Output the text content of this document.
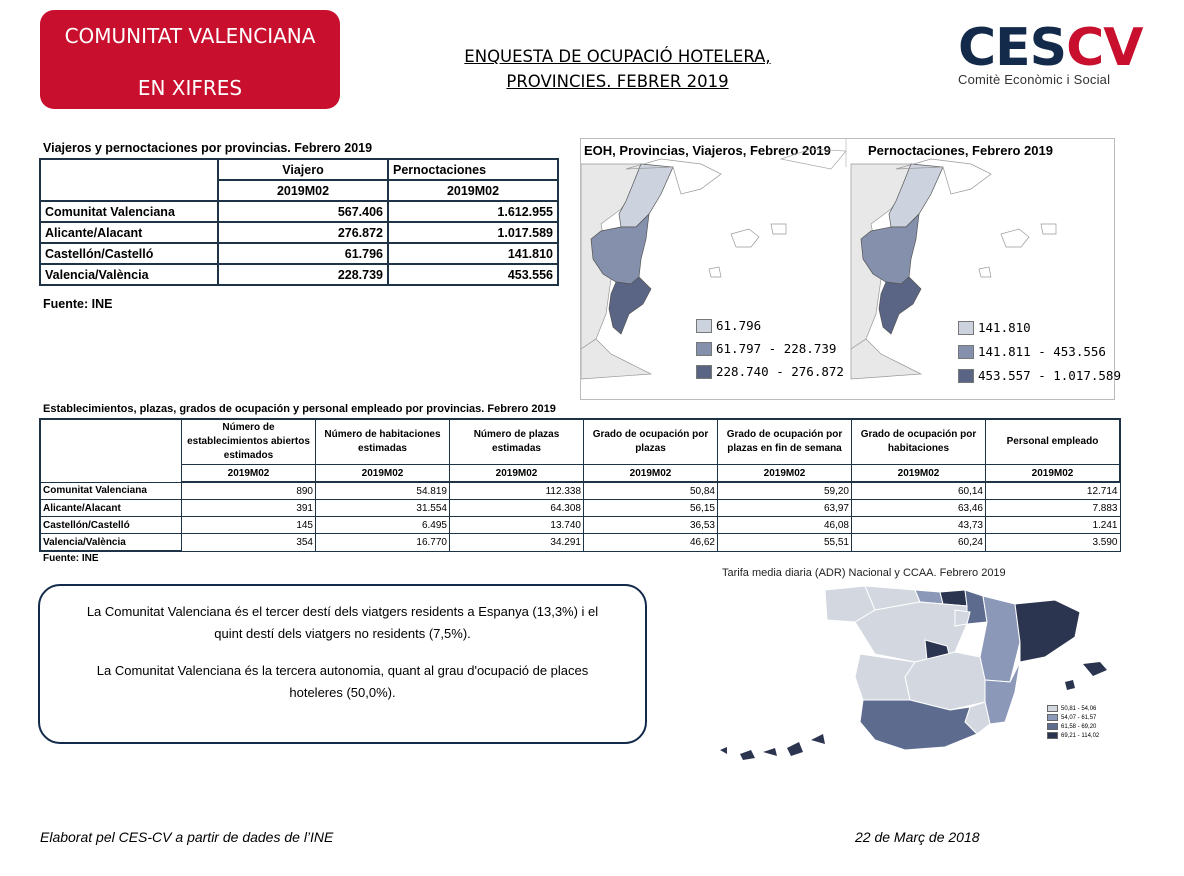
COMUNITAT VALENCIANA
EN XIFRES
ENQUESTA DE OCUPACIÓ HOTELERA,
PROVINCIES. FEBRER 2019
CESCV
Comitè Econòmic i Social
Viajeros y pernoctaciones por provincias. Febrero 2019
	Viajero	Pernoctaciones
	2019M02	2019M02
Comunitat Valenciana	567.406	1.612.955
Alicante/Alacant	276.872	1.017.589
Castellón/Castelló	61.796	141.810
Valencia/València	228.739	453.556
Fuente: INE
EOH, Provincias, Viajeros, Febrero 2019	Pernoctaciones, Febrero 2019
61.796
61.797 - 228.739
228.740 - 276.872
141.810
141.811 - 453.556
453.557 - 1.017.589
Establecimientos, plazas, grados de ocupación y personal empleado por provincias. Febrero 2019
	Número de establecimientos abiertos estimados	Número de habitaciones estimadas	Número de plazas estimadas	Grado de ocupación por plazas	Grado de ocupación por plazas en fin de semana	Grado de ocupación por habitaciones	Personal empleado
	2019M02	2019M02	2019M02	2019M02	2019M02	2019M02	2019M02
Comunitat Valenciana	890	54.819	112.338	50,84	59,20	60,14	12.714
Alicante/Alacant	391	31.554	64.308	56,15	63,97	63,46	7.883
Castellón/Castelló	145	6.495	13.740	36,53	46,08	43,73	1.241
Valencia/València	354	16.770	34.291	46,62	55,51	60,24	3.590
Fuente: INE

La Comunitat Valenciana és el tercer destí dels viatgers residents a Espanya (13,3%) i el

quint destí dels viatgers no residents (7,5%).

La Comunitat Valenciana és la tercera autonomia, quant al grau d'ocupació de places

hoteleres (50,0%).

Tarifa media diaria (ADR) Nacional y CCAA. Febrero 2019
50,81 - 54,06
54,07 - 61,57
61,58 - 69,20
69,21 - 114,02
Elaborat pel CES-CV a partir de dades de l’INE	22 de Març de 2018
